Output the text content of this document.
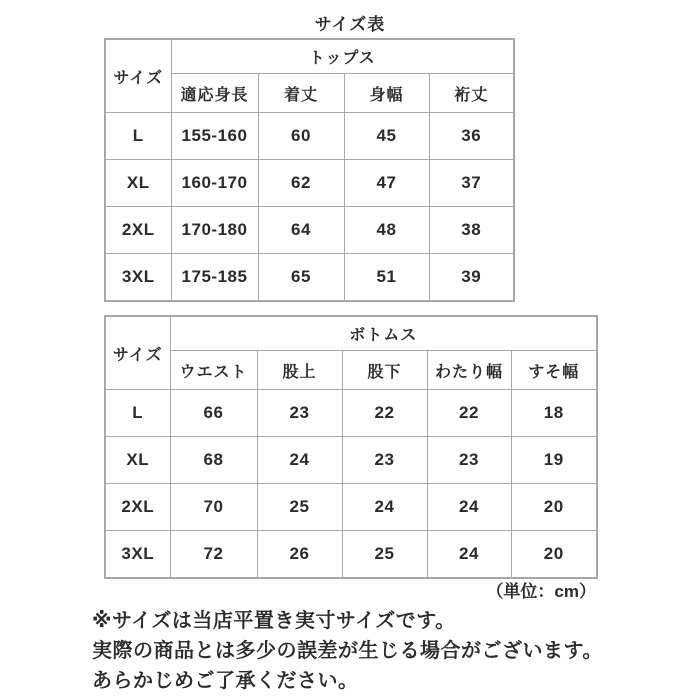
サイズ表
サイズ	トップス			
	適応身長	着丈	身幅	裄丈
L	155-160	60	45	36
XL	160-170	62	47	37
2XL	170-180	64	48	38
3XL	175-185	65	51	39
サイズ	ボトムス				
	ウエスト	股上	股下	わたり幅	すそ幅
L	66	23	22	22	18
XL	68	24	23	23	19
2XL	70	25	24	24	20
3XL	72	26	25	24	20
（単位：cm）
※サイズは当店平置き実寸サイズです。
実際の商品とは多少の誤差が生じる場合がございます。
あらかじめご了承ください。
